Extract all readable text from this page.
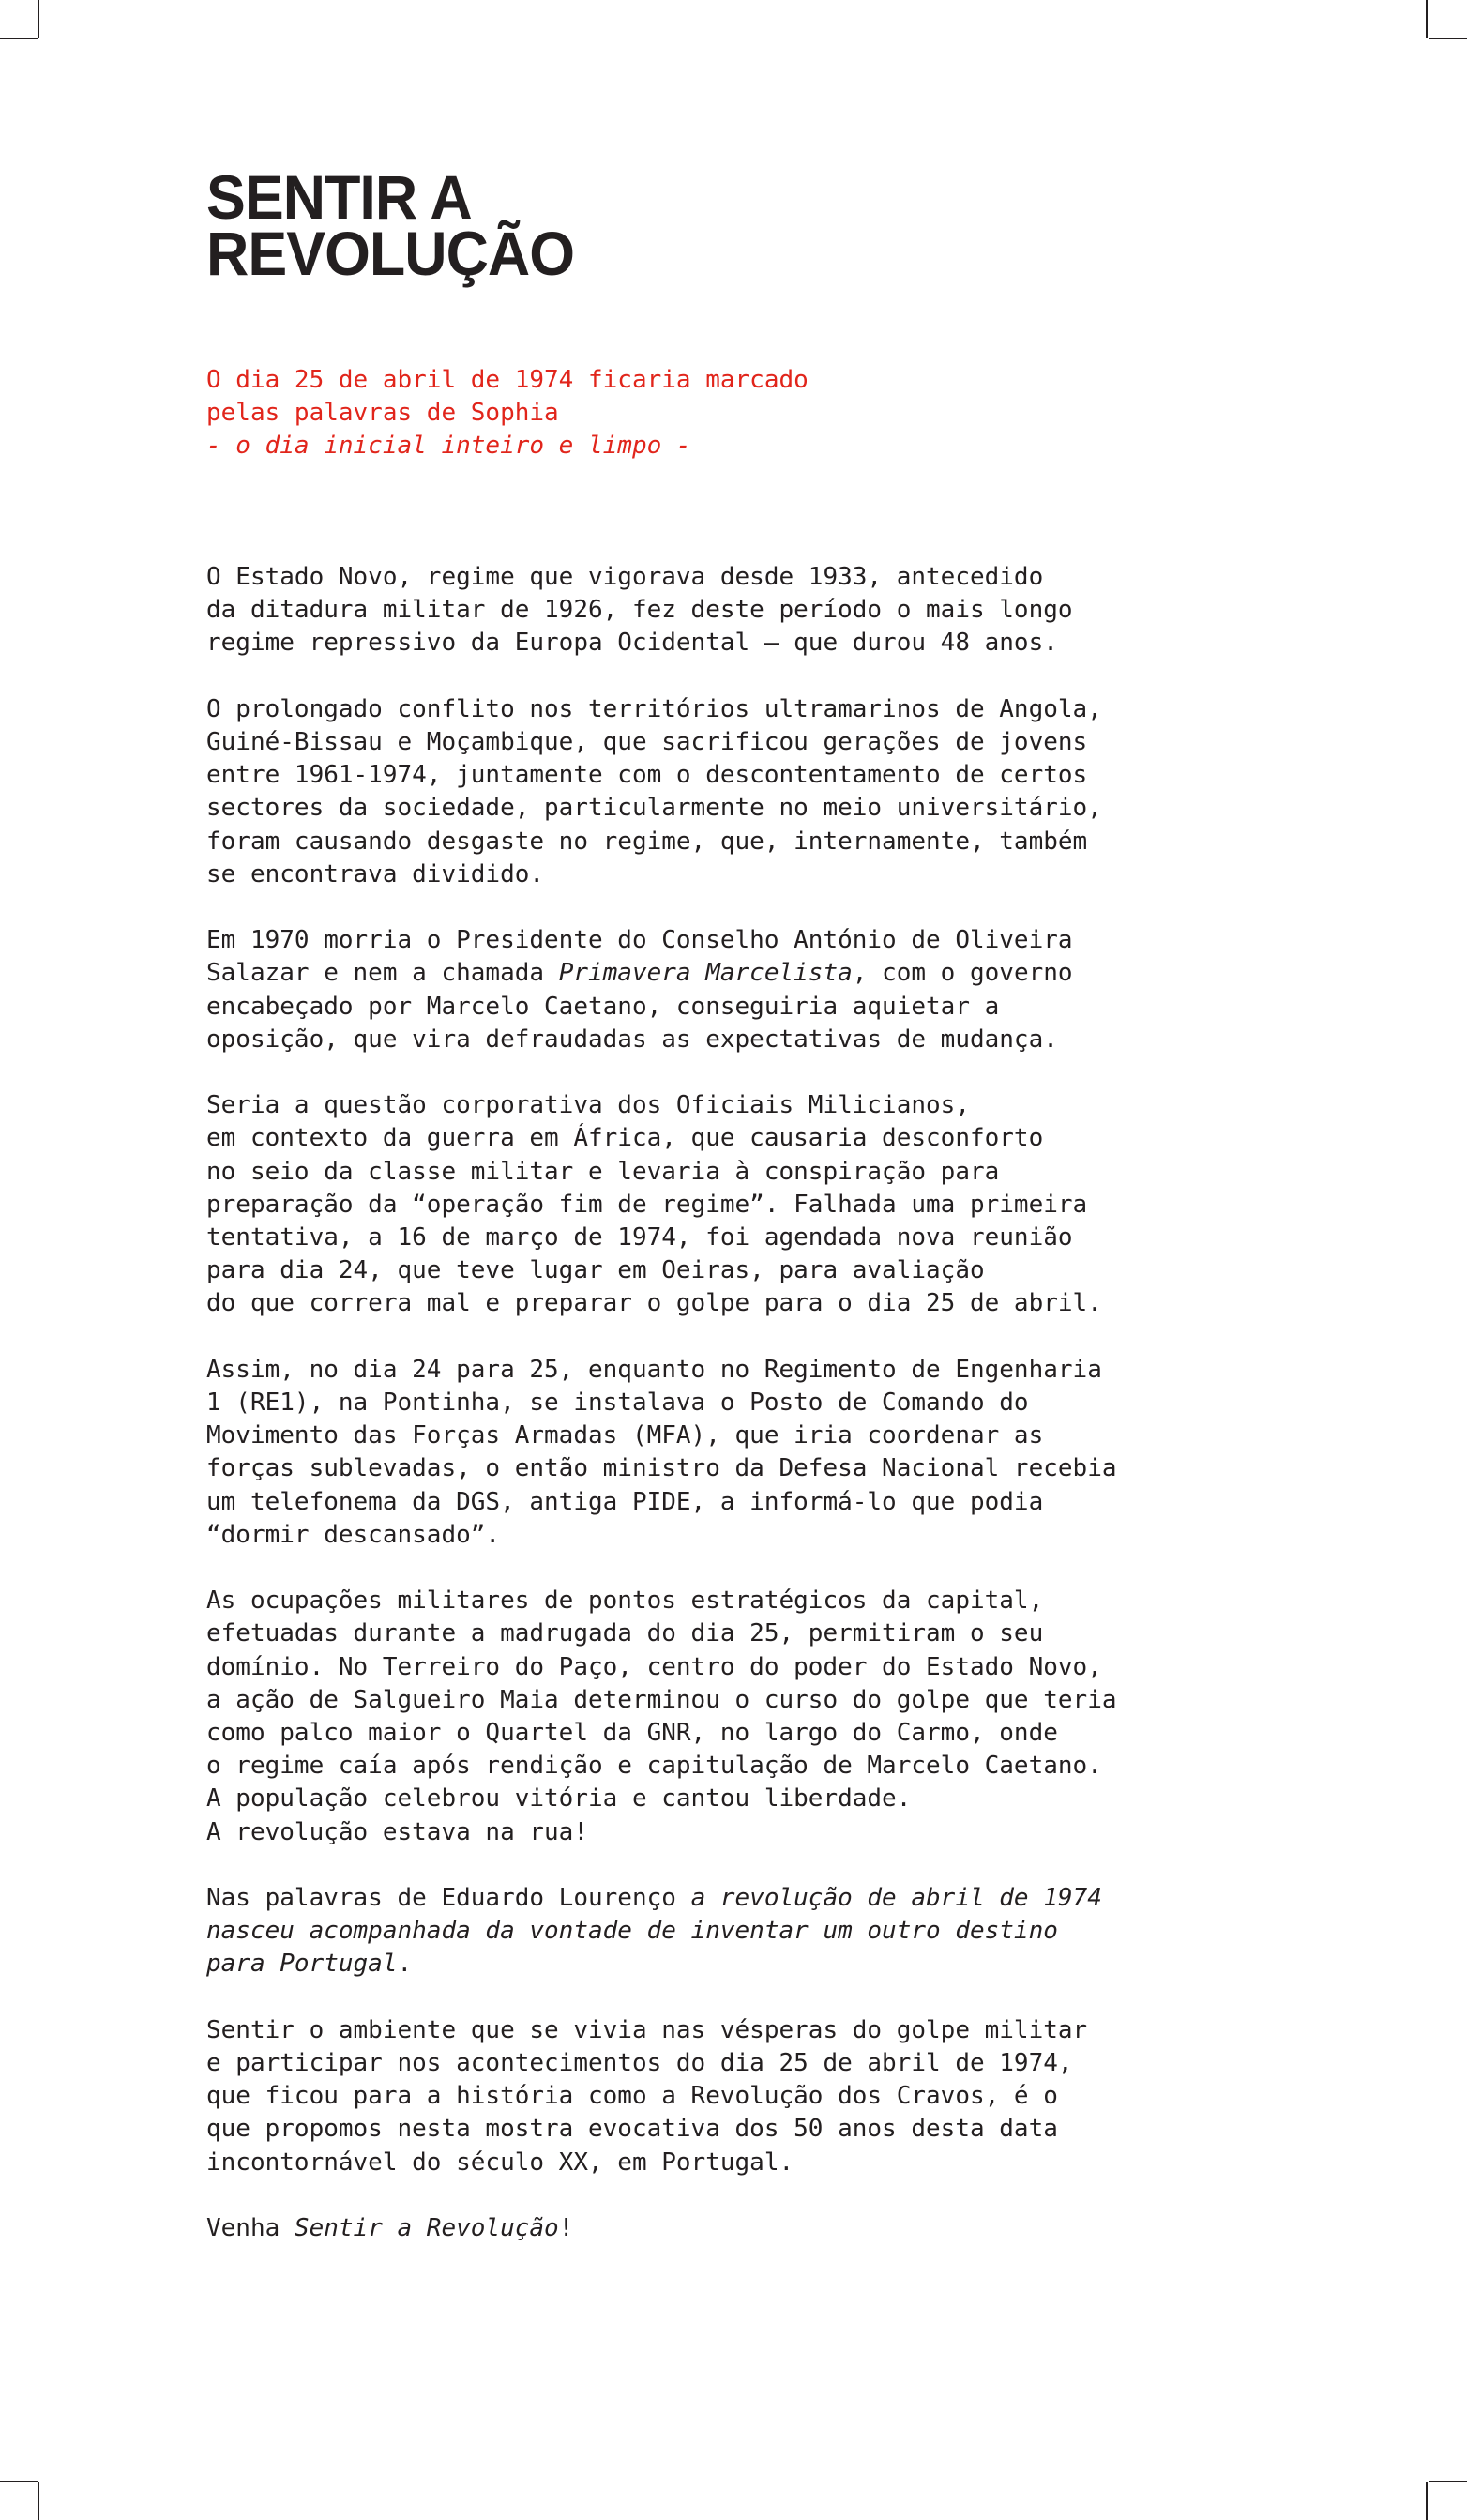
SENTIR A
REVOLUÇÃO
O dia 25 de abril de 1974 ficaria marcado
pelas palavras de Sophia
- o dia inicial inteiro e limpo -

O Estado Novo, regime que vigorava desde 1933, antecedido
da ditadura militar de 1926, fez deste período o mais longo
regime repressivo da Europa Ocidental – que durou 48 anos.

O prolongado conflito nos territórios ultramarinos de Angola,
Guiné-Bissau e Moçambique, que sacrificou gerações de jovens
entre 1961-1974, juntamente com o descontentamento de certos
sectores da sociedade, particularmente no meio universitário,
foram causando desgaste no regime, que, internamente, também
se encontrava dividido.

Em 1970 morria o Presidente do Conselho António de Oliveira
Salazar e nem a chamada Primavera Marcelista, com o governo
encabeçado por Marcelo Caetano, conseguiria aquietar a
oposição, que vira defraudadas as expectativas de mudança.

Seria a questão corporativa dos Oficiais Milicianos,
em contexto da guerra em África, que causaria desconforto
no seio da classe militar e levaria à conspiração para
preparação da “operação fim de regime”. Falhada uma primeira
tentativa, a 16 de março de 1974, foi agendada nova reunião
para dia 24, que teve lugar em Oeiras, para avaliação
do que correra mal e preparar o golpe para o dia 25 de abril.

Assim, no dia 24 para 25, enquanto no Regimento de Engenharia
1 (RE1), na Pontinha, se instalava o Posto de Comando do
Movimento das Forças Armadas (MFA), que iria coordenar as
forças sublevadas, o então ministro da Defesa Nacional recebia
um telefonema da DGS, antiga PIDE, a informá-lo que podia
“dormir descansado”.

As ocupações militares de pontos estratégicos da capital,
efetuadas durante a madrugada do dia 25, permitiram o seu
domínio. No Terreiro do Paço, centro do poder do Estado Novo,
a ação de Salgueiro Maia determinou o curso do golpe que teria
como palco maior o Quartel da GNR, no largo do Carmo, onde
o regime caía após rendição e capitulação de Marcelo Caetano.
A população celebrou vitória e cantou liberdade.
A revolução estava na rua!

Nas palavras de Eduardo Lourenço a revolução de abril de 1974
nasceu acompanhada da vontade de inventar um outro destino
para Portugal.

Sentir o ambiente que se vivia nas vésperas do golpe militar
e participar nos acontecimentos do dia 25 de abril de 1974,
que ficou para a história como a Revolução dos Cravos, é o
que propomos nesta mostra evocativa dos 50 anos desta data
incontornável do século XX, em Portugal.

Venha Sentir a Revolução!
